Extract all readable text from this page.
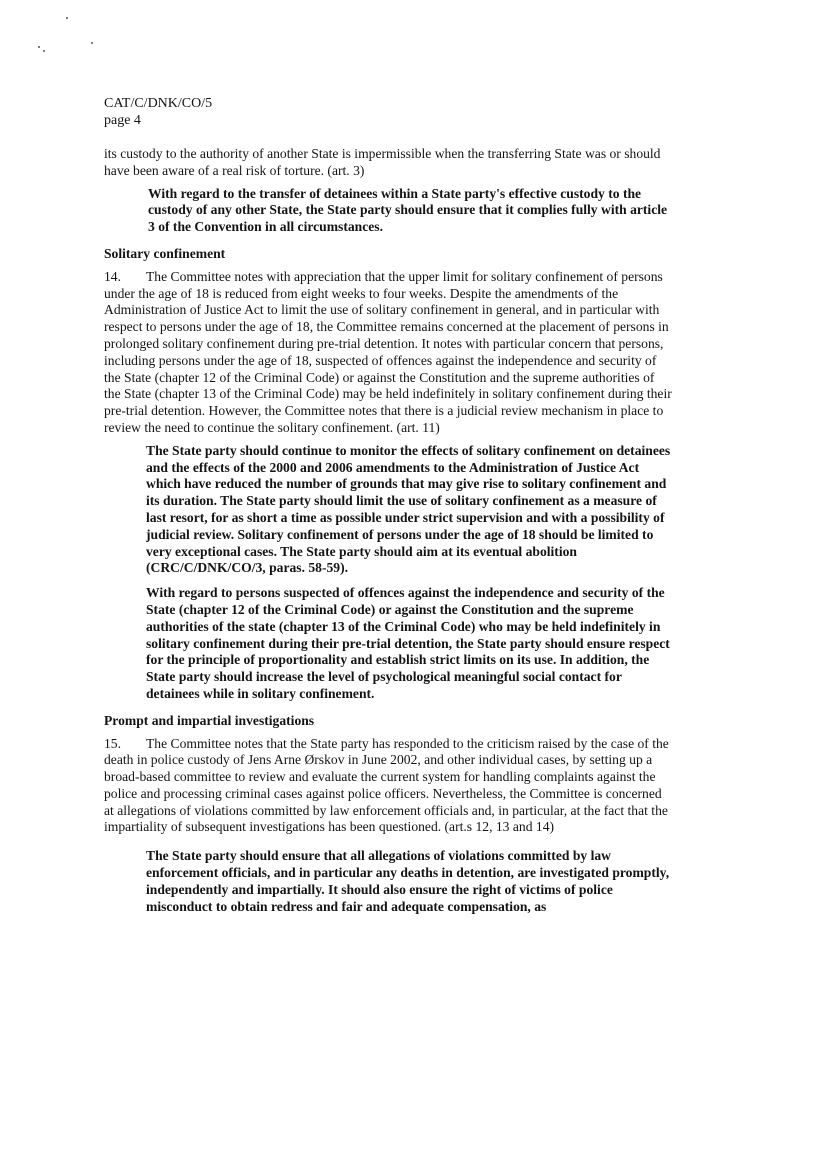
CAT/C/DNK/CO/5
page 4

its custody to the authority of another State is impermissible when the transferring State was or should have been aware of a real risk of torture. (art. 3)

With regard to the transfer of detainees within a State party's effective custody to the custody of any other State, the State party should ensure that it complies fully with article 3 of the Convention in all circumstances.

Solitary confinement

14. The Committee notes with appreciation that the upper limit for solitary confinement of persons under the age of 18 is reduced from eight weeks to four weeks. Despite the amendments of the Administration of Justice Act to limit the use of solitary confinement in general, and in particular with respect to persons under the age of 18, the Committee remains concerned at the placement of persons in prolonged solitary confinement during pre-trial detention. It notes with particular concern that persons, including persons under the age of 18, suspected of offences against the independence and security of the State (chapter 12 of the Criminal Code) or against the Constitution and the supreme authorities of the State (chapter 13 of the Criminal Code) may be held indefinitely in solitary confinement during their pre-trial detention. However, the Committee notes that there is a judicial review mechanism in place to review the need to continue the solitary confinement. (art. 11)

The State party should continue to monitor the effects of solitary confinement on detainees and the effects of the 2000 and 2006 amendments to the Administration of Justice Act which have reduced the number of grounds that may give rise to solitary confinement and its duration. The State party should limit the use of solitary confinement as a measure of last resort, for as short a time as possible under strict supervision and with a possibility of judicial review. Solitary confinement of persons under the age of 18 should be limited to very exceptional cases. The State party should aim at its eventual abolition (CRC/C/DNK/CO/3, paras. 58-59).

With regard to persons suspected of offences against the independence and security of the State (chapter 12 of the Criminal Code) or against the Constitution and the supreme authorities of the state (chapter 13 of the Criminal Code) who may be held indefinitely in solitary confinement during their pre-trial detention, the State party should ensure respect for the principle of proportionality and establish strict limits on its use. In addition, the State party should increase the level of psychological meaningful social contact for detainees while in solitary confinement.

Prompt and impartial investigations

15. The Committee notes that the State party has responded to the criticism raised by the case of the death in police custody of Jens Arne Ørskov in June 2002, and other individual cases, by setting up a broad-based committee to review and evaluate the current system for handling complaints against the police and processing criminal cases against police officers. Nevertheless, the Committee is concerned at allegations of violations committed by law enforcement officials and, in particular, at the fact that the impartiality of subsequent investigations has been questioned. (art.s 12, 13 and 14)

The State party should ensure that all allegations of violations committed by law enforcement officials, and in particular any deaths in detention, are investigated promptly, independently and impartially. It should also ensure the right of victims of police misconduct to obtain redress and fair and adequate compensation, as
